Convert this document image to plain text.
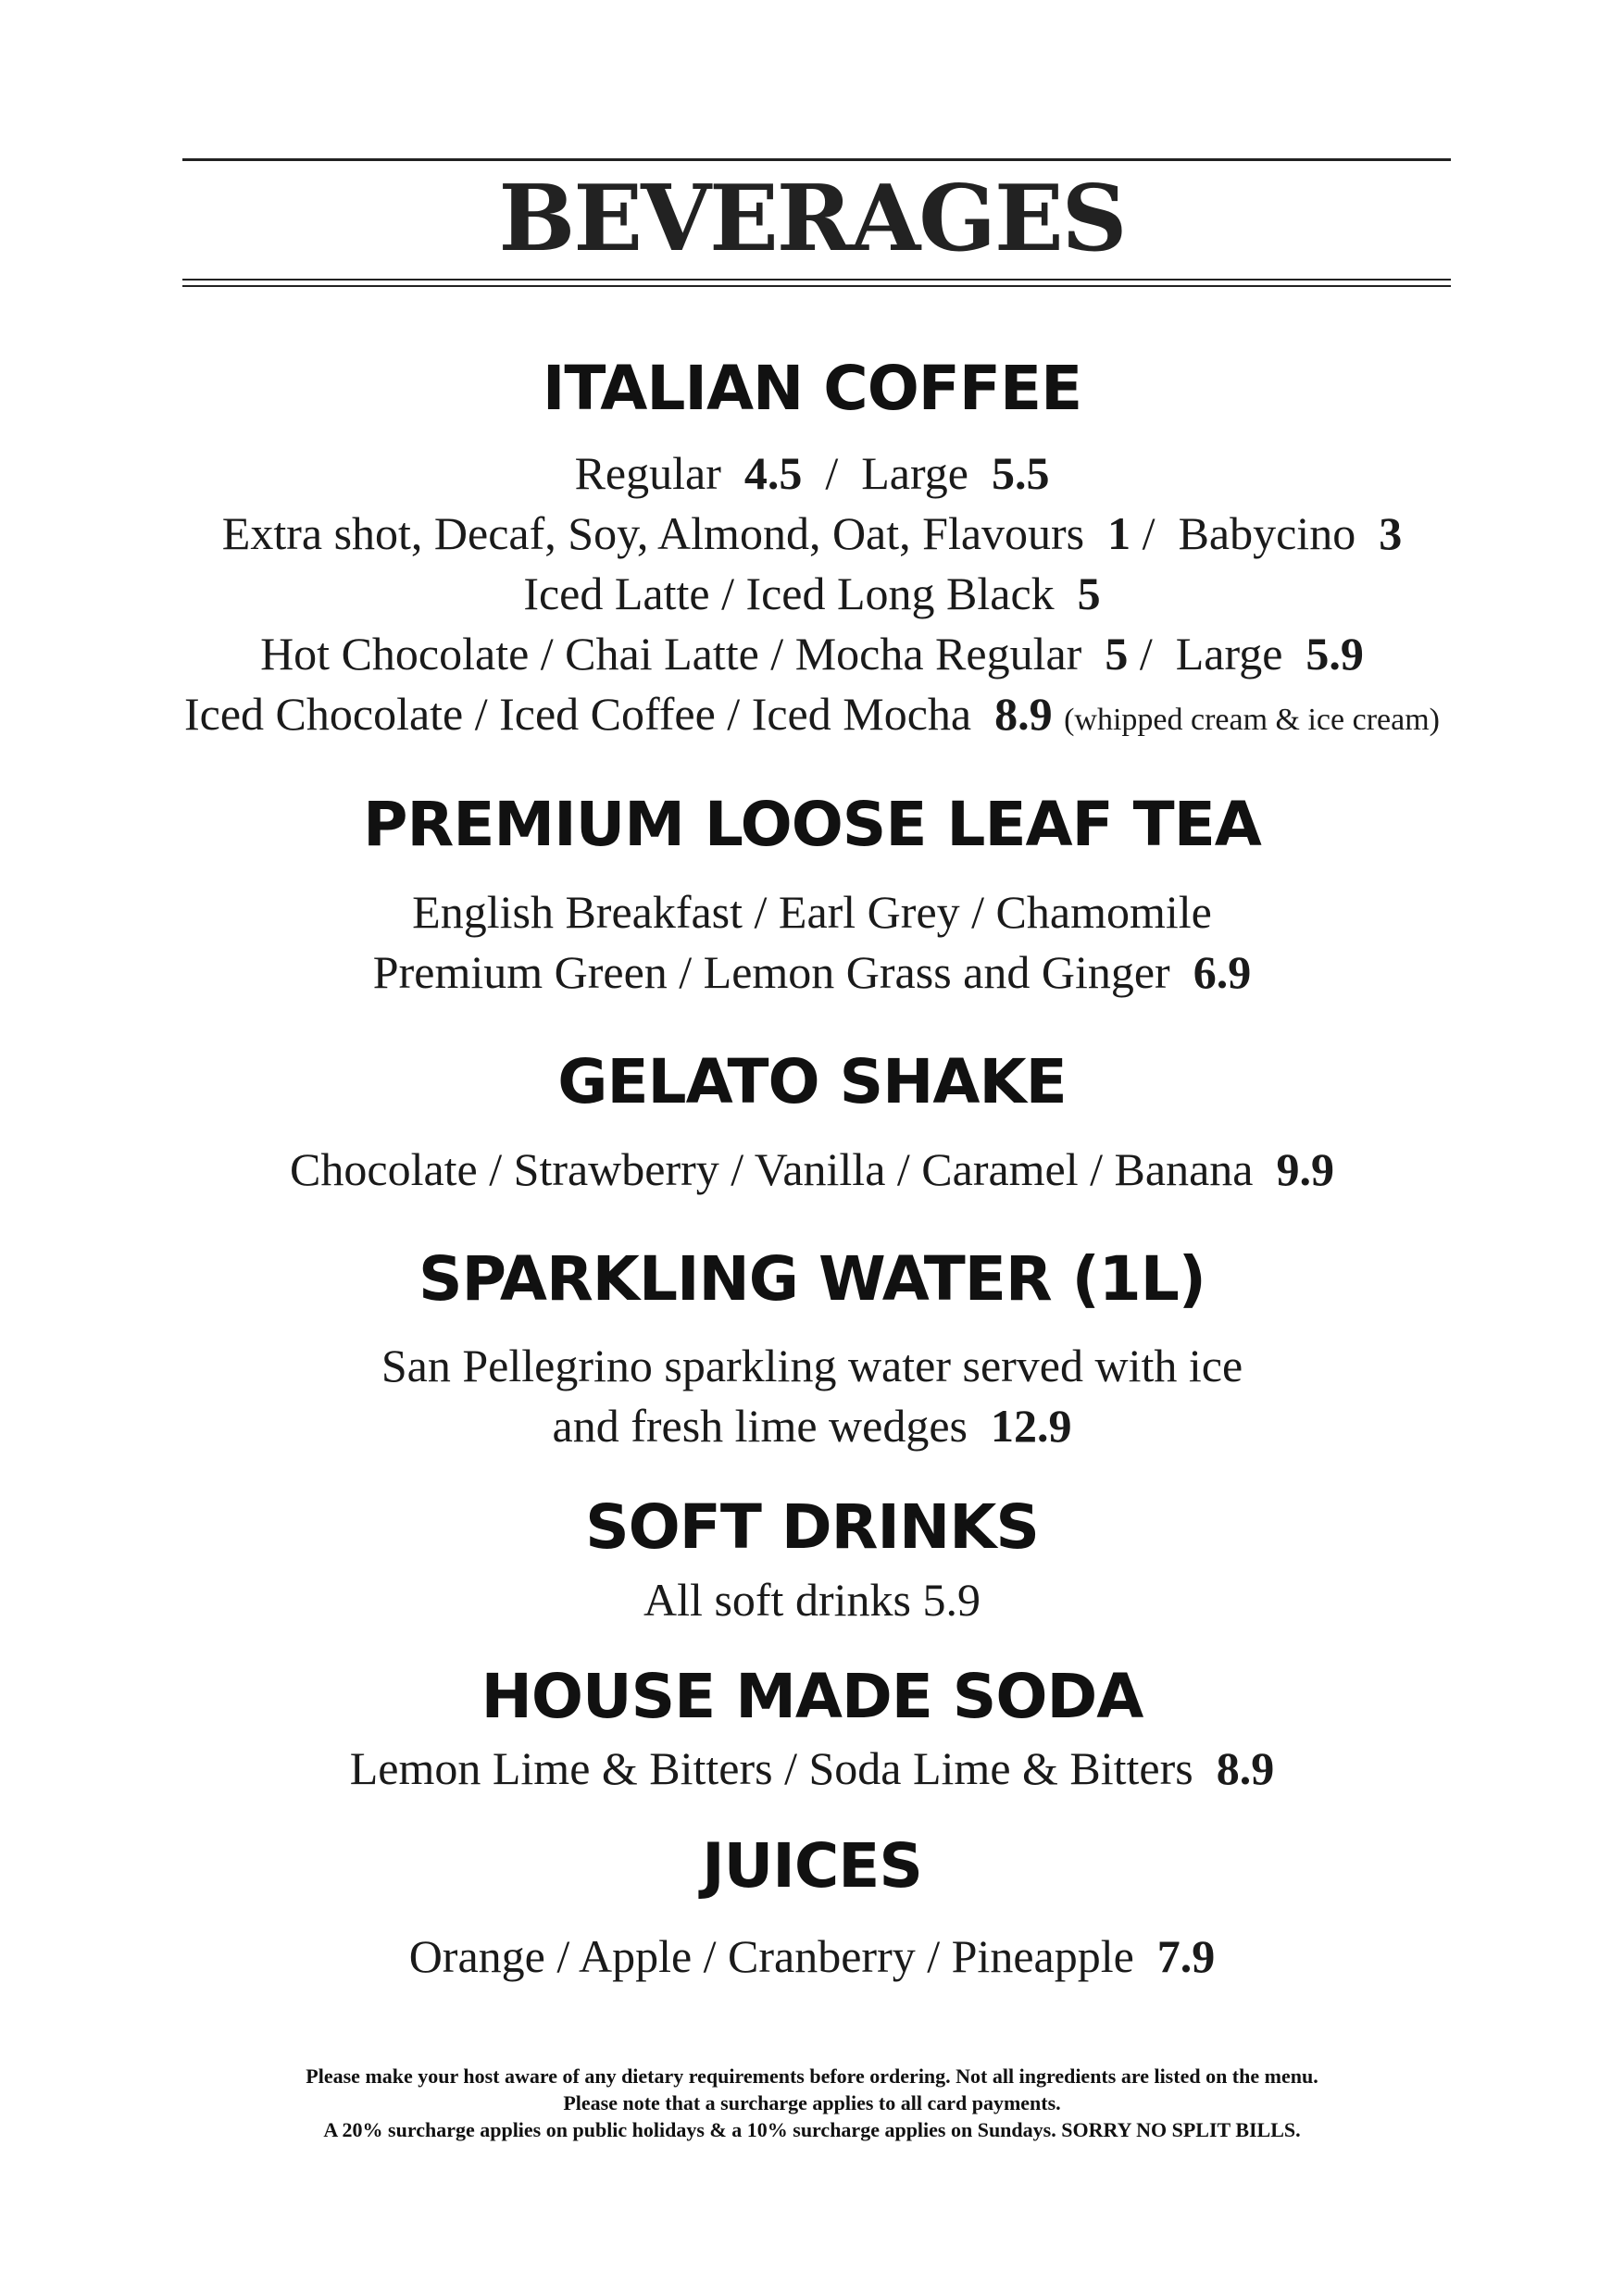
BEVERAGES
ITALIAN COFFEE
Regular 4.5 / Large 5.5
Extra shot, Decaf, Soy, Almond, Oat, Flavours 1 / Babycino 3
Iced Latte / Iced Long Black 5
Hot Chocolate / Chai Latte / Mocha Regular 5 / Large 5.9
Iced Chocolate / Iced Coffee / Iced Mocha 8.9 (whipped cream & ice cream)
PREMIUM LOOSE LEAF TEA
English Breakfast / Earl Grey / Chamomile
Premium Green / Lemon Grass and Ginger 6.9
GELATO SHAKE
Chocolate / Strawberry / Vanilla / Caramel / Banana 9.9
SPARKLING WATER (1L)
San Pellegrino sparkling water served with ice
and fresh lime wedges 12.9
SOFT DRINKS
All soft drinks 5.9
HOUSE MADE SODA
Lemon Lime & Bitters / Soda Lime & Bitters 8.9
JUICES
Orange / Apple / Cranberry / Pineapple 7.9
Please make your host aware of any dietary requirements before ordering. Not all ingredients are listed on the menu.
Please note that a surcharge applies to all card payments.
A 20% surcharge applies on public holidays & a 10% surcharge applies on Sundays. SORRY NO SPLIT BILLS.
